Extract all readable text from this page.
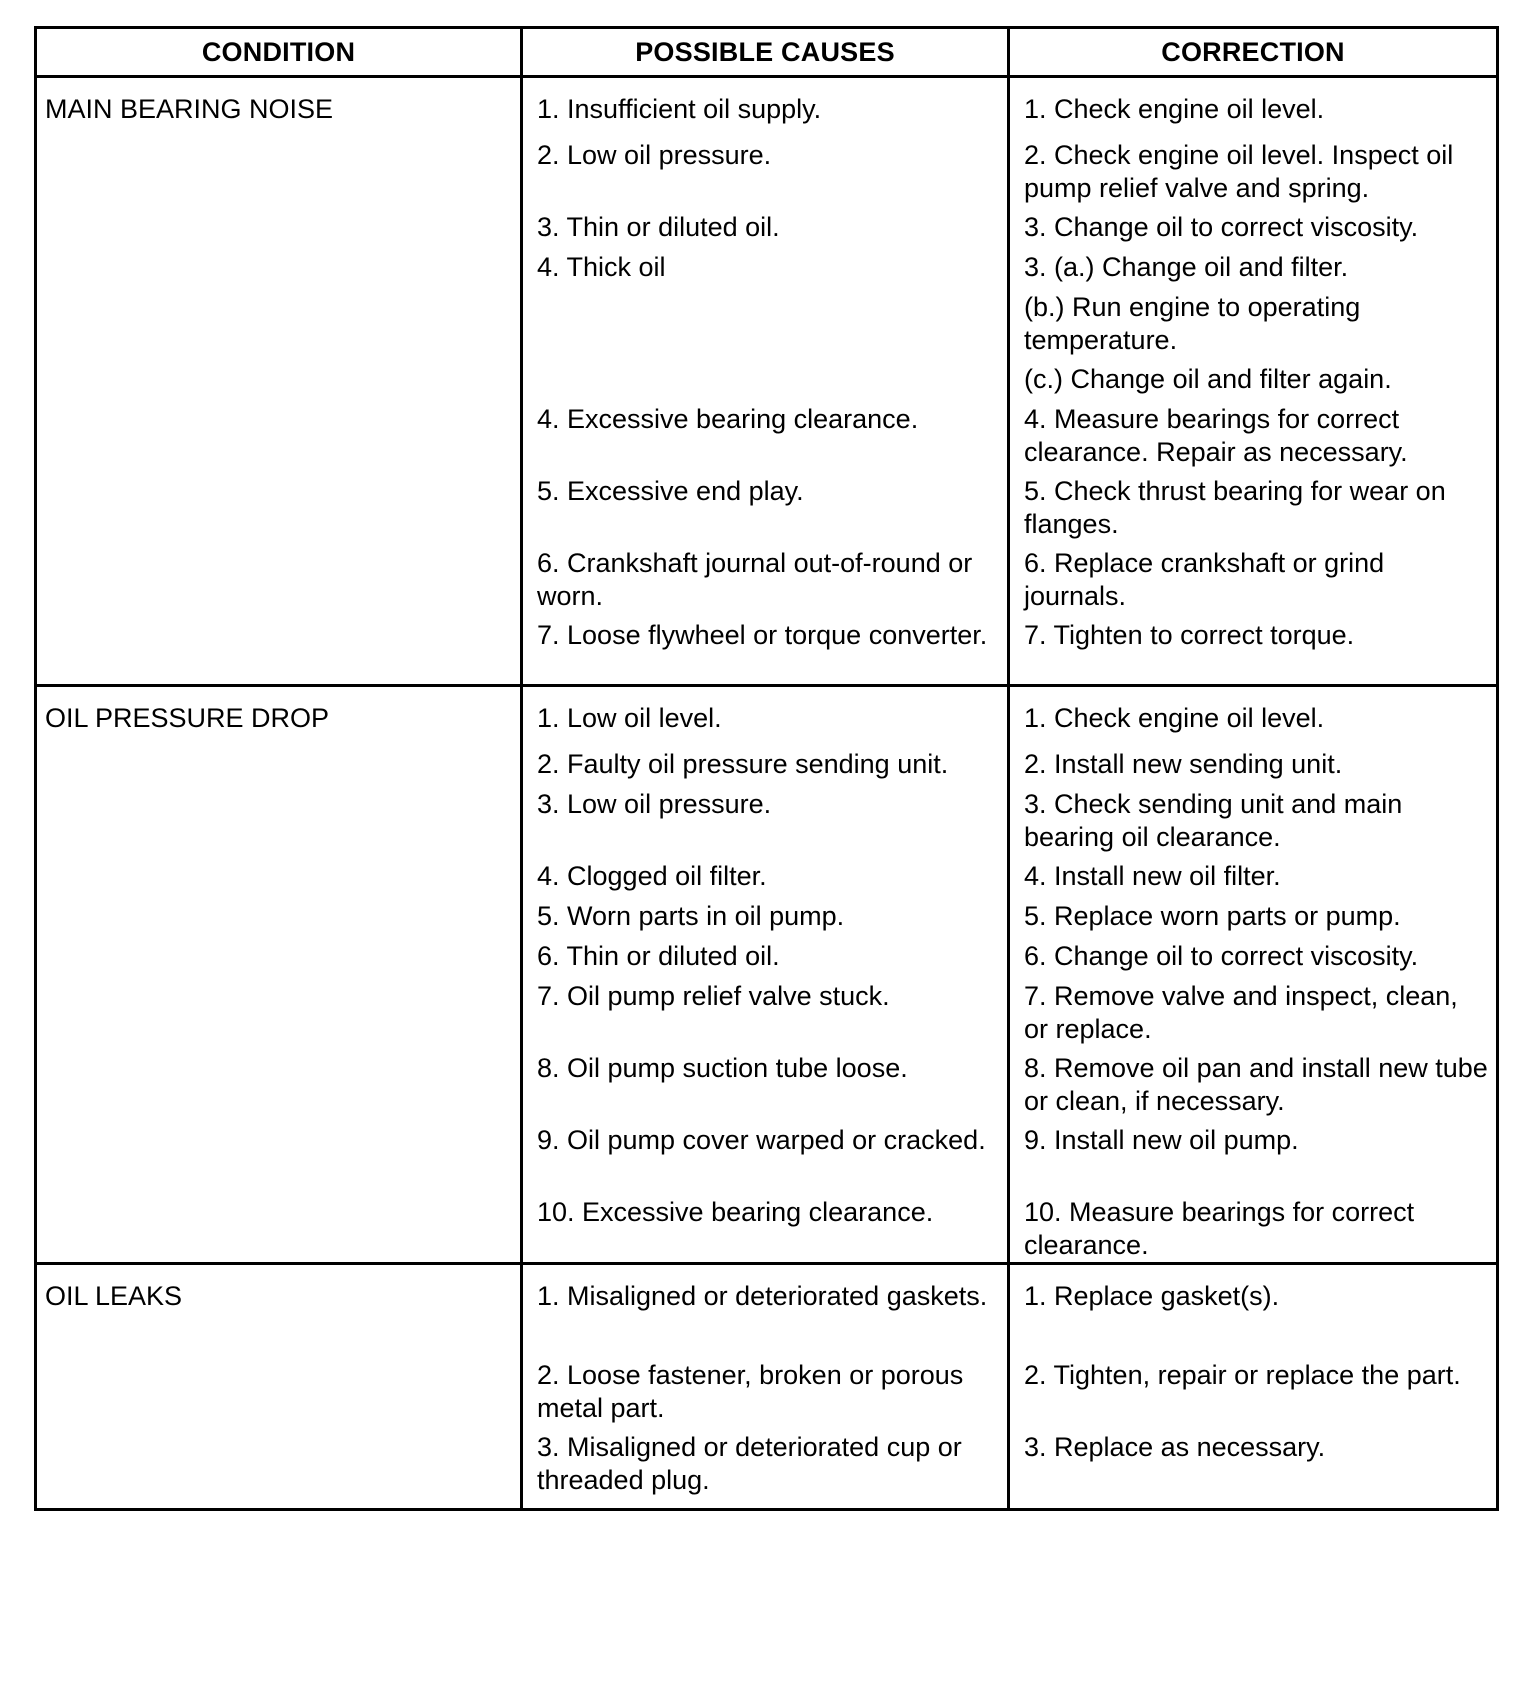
CONDITION	POSSIBLE CAUSES	CORRECTION

MAIN BEARING NOISE	1. Insufficient oil supply.	1. Check engine oil level.

	2. Low oil pressure.	2. Check engine oil level. Inspect oil pump relief valve and spring.

	3. Thin or diluted oil.	3. Change oil to correct viscosity.

	4. Thick oil	3. (a.) Change oil and filter.

		(b.) Run engine to operating temperature.

		(c.) Change oil and filter again.

	4. Excessive bearing clearance.	4. Measure bearings for correct clearance. Repair as necessary.

	5. Excessive end play.	5. Check thrust bearing for wear on flanges.

	6. Crankshaft journal out-of-round or worn.	6. Replace crankshaft or grind journals.

	7. Loose flywheel or torque converter.	7. Tighten to correct torque.

OIL PRESSURE DROP	1. Low oil level.	1. Check engine oil level.

	2. Faulty oil pressure sending unit.	2. Install new sending unit.

	3. Low oil pressure.	3. Check sending unit and main bearing oil clearance.

	4. Clogged oil filter.	4. Install new oil filter.

	5. Worn parts in oil pump.	5. Replace worn parts or pump.

	6. Thin or diluted oil.	6. Change oil to correct viscosity.

	7. Oil pump relief valve stuck.	7. Remove valve and inspect, clean, or replace.

	8. Oil pump suction tube loose.	8. Remove oil pan and install new tube or clean, if necessary.

	9. Oil pump cover warped or cracked.	9. Install new oil pump.

	10. Excessive bearing clearance.	10. Measure bearings for correct clearance.

OIL LEAKS	1. Misaligned or deteriorated gaskets.	1. Replace gasket(s).

	2. Loose fastener, broken or porous metal part.	2. Tighten, repair or replace the part.

	3. Misaligned or deteriorated cup or threaded plug.	3. Replace as necessary.
